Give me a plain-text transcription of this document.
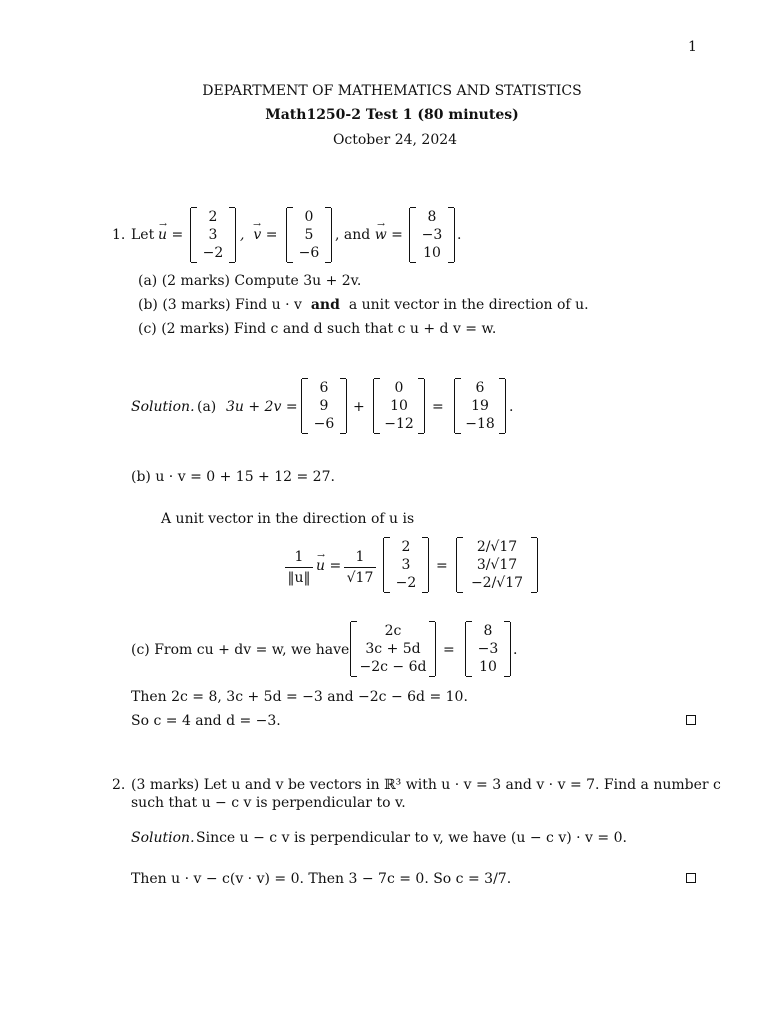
1
DEPARTMENT OF MATHEMATICS AND STATISTICS
Math1250-2 Test 1 (80 minutes)
October 24, 2024
1. Let → u =
2
3
−2
,  → v =
0
5
−6
, and → w =
8
−3
10
.
(a) (2 marks) Compute 3u + 2v.
(b) (3 marks) Find u · v and a unit vector in the direction of u.
(c) (2 marks) Find c and d such that c u + d v = w.
Solution. (a) 3u + 2v =
6
9
−6
+
0
10
−12
=
6
19
−18
.
(b) u · v = 0 + 15 + 12 = 27.
A unit vector in the direction of u is
1
‖u‖
→ u =
1
√17
2
3
−2
=
2/√17
3/√17
−2/√17
(c) From cu + dv = w, we have
2c
3c + 5d
−2c − 6d
=
8
−3
10
.
Then 2c = 8, 3c + 5d = −3 and −2c − 6d = 10.
So c = 4 and d = −3.
2. (3 marks) Let u and v be vectors in ℝ³ with u · v = 3 and v · v = 7. Find a number c
such that u − c v is perpendicular to v.
Solution. Since u − c v is perpendicular to v, we have (u − c v) · v = 0.
Then u · v − c(v · v) = 0. Then 3 − 7c = 0. So c = 3/7.
